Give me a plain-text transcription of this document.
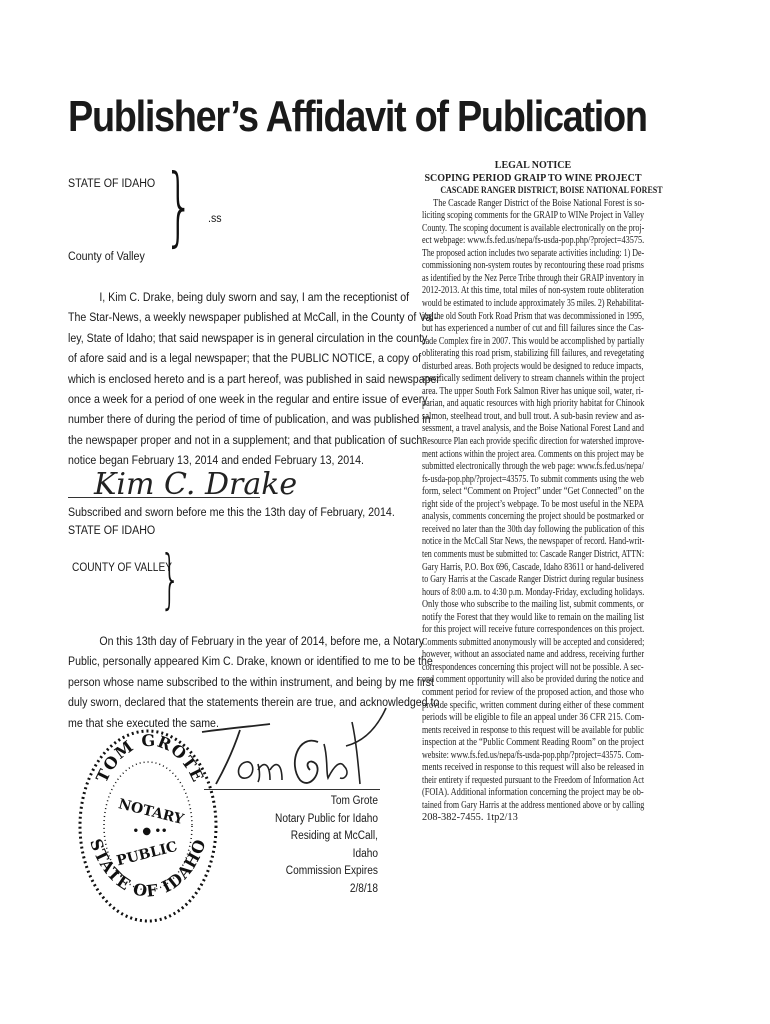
Publisher’s Affidavit of Publication
STATE OF IDAHO } .ss
County of Valley
I, Kim C. Drake, being duly sworn and say, I am the receptionist of
The Star-News, a weekly newspaper published at McCall, in the County of Val-
ley, State of Idaho; that said newspaper is in general circulation in the county
of afore said and is a legal newspaper; that the PUBLIC NOTICE, a copy of
which is enclosed hereto and is a part hereof, was published in said newspaper
once a week for a period of one week in the regular and entire issue of every
number there of during the period of time of publication, and was published in
the newspaper proper and not in a supplement; and that publication of such
notice began February 13, 2014 and ended February 13, 2014.
Kim C. Drake
Subscribed and sworn before me this the 13th day of February, 2014.
STATE OF IDAHO
COUNTY OF VALLEY
}
On this 13th day of February in the year of 2014, before me, a Notary
Public, personally appeared Kim C. Drake, known or identified to me to be the
person whose name subscribed to the within instrument, and being by me first
duly sworn, declared that the statements therein are true, and acknowledged to
me that she executed the same.
TOM GROTE
NOTARY
• ● ••
PUBLIC
STATE OF IDAHO
Tom Grote
Notary Public for Idaho
Residing at McCall, Idaho
Commission Expires 2/8/18
LEGAL NOTICE
SCOPING PERIOD GRAIP TO WINE PROJECT
CASCADE RANGER DISTRICT, BOISE NATIONAL FOREST
The Cascade Ranger District of the Boise National Forest is so-
liciting scoping comments for the GRAIP to WINe Project in Valley
County. The scoping document is available electronically on the proj-
ect webpage: www.fs.fed.us/nepa/fs-usda-pop.php/?project=43575.
The proposed action includes two separate activities including: 1) De-
commissioning non-system routes by recontouring these road prisms
as identified by the Nez Perce Tribe through their GRAIP inventory in
2012-2013. At this time, total miles of non-system route obliteration
would be estimated to include approximately 35 miles. 2) Rehabilitat-
ing the old South Fork Road Prism that was decommissioned in 1995,
but has experienced a number of cut and fill failures since the Cas-
cade Complex fire in 2007. This would be accomplished by partially
obliterating this road prism, stabilizing fill failures, and revegetating
disturbed areas. Both projects would be designed to reduce impacts,
specifically sediment delivery to stream channels within the project
area. The upper South Fork Salmon River has unique soil, water, ri-
parian, and aquatic resources with high priority habitat for Chinook
salmon, steelhead trout, and bull trout. A sub-basin review and as-
sessment, a travel analysis, and the Boise National Forest Land and
Resource Plan each provide specific direction for watershed improve-
ment actions within the project area. Comments on this project may be
submitted electronically through the web page: www.fs.fed.us/nepa/
fs-usda-pop.php/?project=43575. To submit comments using the web
form, select “Comment on Project” under “Get Connected” on the
right side of the project’s webpage. To be most useful in the NEPA
analysis, comments concerning the project should be postmarked or
received no later than the 30th day following the publication of this
notice in the McCall Star News, the newspaper of record. Hand-writ-
ten comments must be submitted to: Cascade Ranger District, ATTN:
Gary Harris, P.O. Box 696, Cascade, Idaho 83611 or hand-delivered
to Gary Harris at the Cascade Ranger District during regular business
hours of 8:00 a.m. to 4:30 p.m. Monday-Friday, excluding holidays.
Only those who subscribe to the mailing list, submit comments, or
notify the Forest that they would like to remain on the mailing list
for this project will receive future correspondences on this project.
Comments submitted anonymously will be accepted and considered;
however, without an associated name and address, receiving further
correspondences concerning this project will not be possible. A sec-
ond comment opportunity will also be provided during the notice and
comment period for review of the proposed action, and those who
provide specific, written comment during either of these comment
periods will be eligible to file an appeal under 36 CFR 215. Com-
ments received in response to this request will be available for public
inspection at the “Public Comment Reading Room” on the project
website: www.fs.fed.us/nepa/fs-usda-pop.php/?project=43575. Com-
ments received in response to this request will also be released in
their entirety if requested pursuant to the Freedom of Information Act
(FOIA). Additional information concerning the project may be ob-
tained from Gary Harris at the address mentioned above or by calling
208-382-7455. 1tp2/13
